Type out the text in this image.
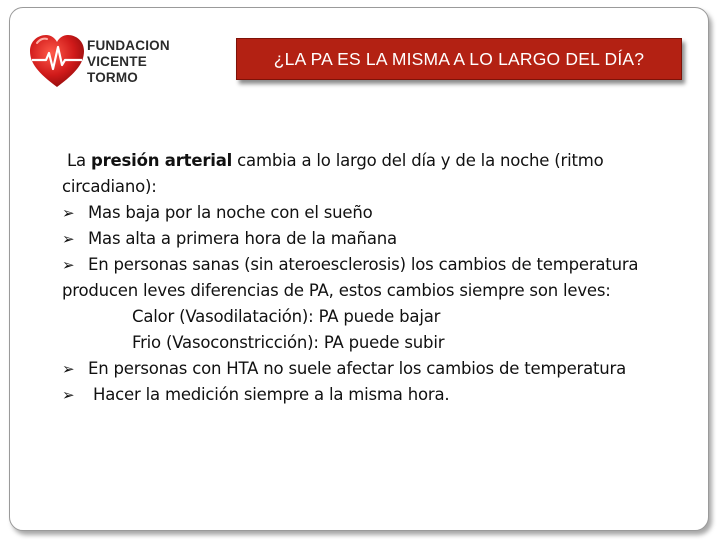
FUNDACION
VICENTE TORMO
¿LA PA ES LA MISMA A LO LARGO DEL DÍA?
La presión arterial cambia a lo largo del día y de la noche (ritmo
circadiano):
➢ Mas baja por la noche con el sueño
➢ Mas alta a primera hora de la mañana
➢ En personas sanas (sin ateroesclerosis) los cambios de temperatura
producen leves diferencias de PA, estos cambios siempre son leves:
Calor (Vasodilatación): PA puede bajar
Frio (Vasoconstricción): PA puede subir
➢ En personas con HTA no suele afectar los cambios de temperatura
➢ Hacer la medición siempre a la misma hora.
